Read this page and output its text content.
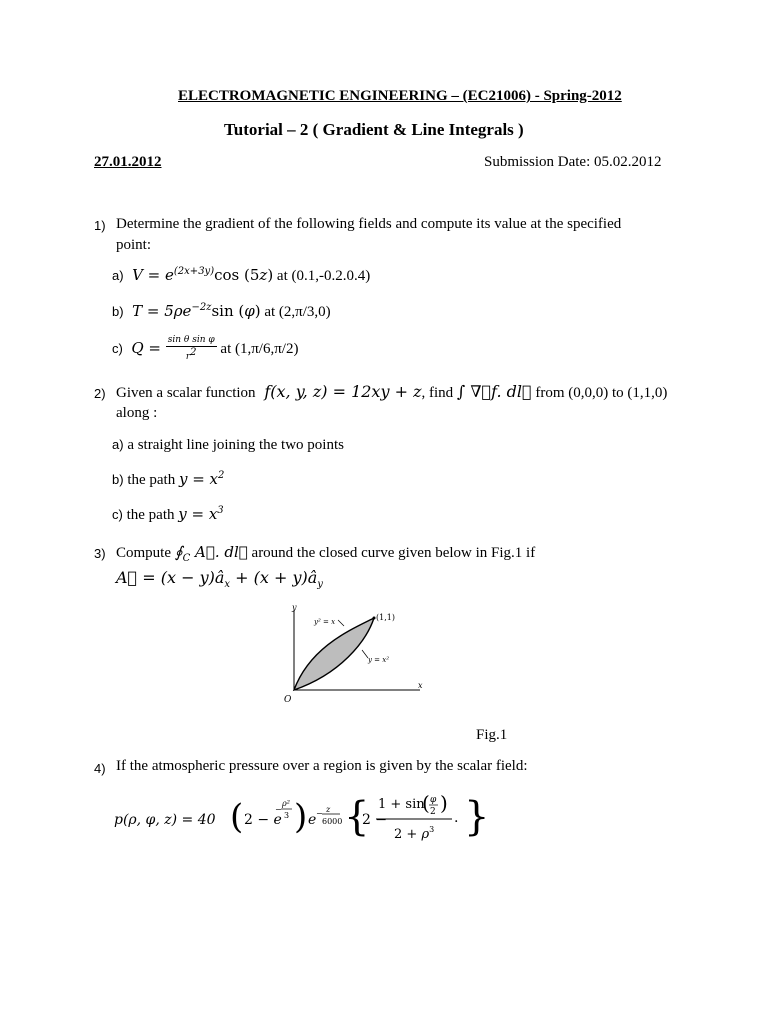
ELECTROMAGNETIC ENGINEERING – (EC21006) - Spring-2012
Tutorial – 2 ( Gradient & Line Integrals )
27.01.2012	Submission Date: 05.02.2012
1) Determine the gradient of the following fields and compute its value at the specified
point:
a)  $V = e^{(2x+3y)}\cos$ (5z) at (0.1,-0.2.0.4)
b)  $T = 5\rho e^{-2z}\sin$ (φ) at (2,π/3,0)
c)  $Q = \frac{\text{sin θ sin φ}}{r^2}$ at (1,π/6,π/2)
2) Given a scalar function  f(x, y, z) = 12xy + z, find ∫ ∇⃗f. dl⃗ from (0,0,0) to (1,1,0)
along :
a) a straight line joining the two points
b) the path $y = x^2$
c) the path $y = x^3$
3) Compute $∮_C$ A⃗. dl⃗ around the closed curve given below in Fig.1 if
A⃗ = $(x - y)â_x + (x$ + $y)â_y$
y
x
O
(1,1)
y² = x
y = x²
Fig.1
4) If the atmospheric pressure over a region is given by the scalar field:
p(ρ, φ, z) = 40 ( 2 − e
−
ρ²
3 ) e − z
6000 {
2 −
1 + sin
( φ
2 )
$2 + \rho^3$
. }
